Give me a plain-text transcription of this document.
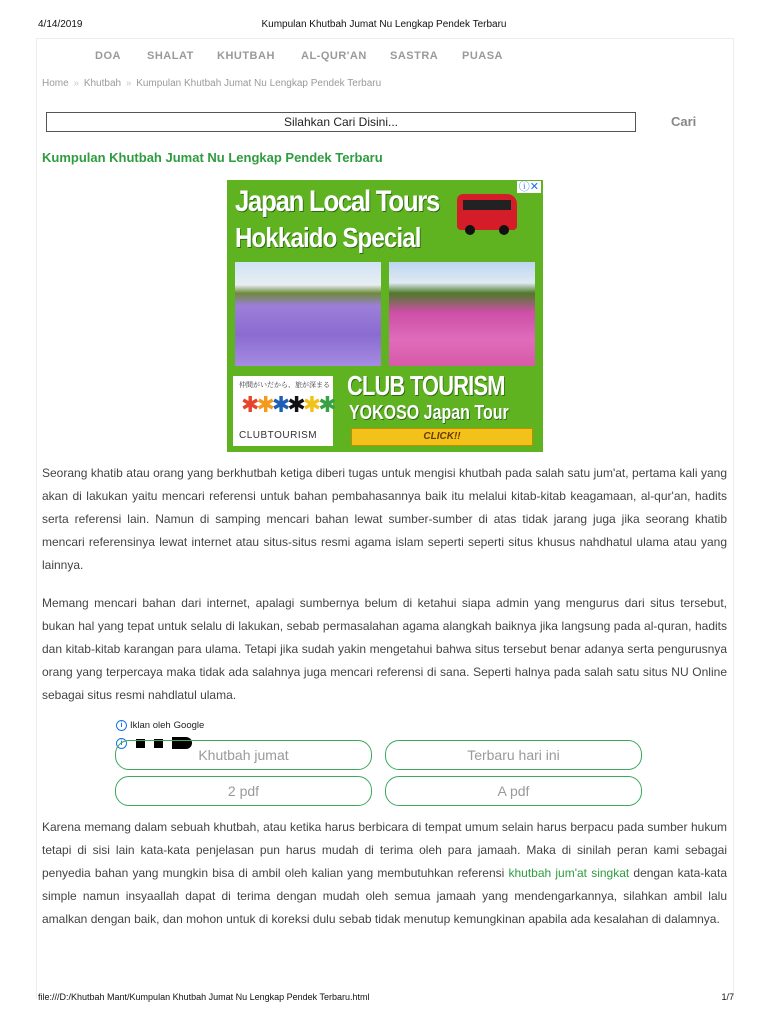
4/14/2019	Kumpulan Khutbah Jumat Nu Lengkap Pendek Terbaru
DOA	SHALAT	KHUTBAH	AL-QUR'AN	SASTRA	PUASA
Home » Khutbah » Kumpulan Khutbah Jumat Nu Lengkap Pendek Terbaru
Silahkan Cari Disini...	Cari
Kumpulan Khutbah Jumat Nu Lengkap Pendek Terbaru
Japan Local Tours
Hokkaido Special
ⓘ✕
仲間がいだから、旅が深まる
✱✱✱✱✱✱
CLUBTOURISM
CLUB TOURISM
YOKOSO Japan Tour
CLICK!!
Seorang khatib atau orang yang berkhutbah ketiga diberi tugas untuk mengisi khutbah pada salah satu jum'at, pertama kali yang akan di lakukan yaitu mencari referensi untuk bahan pembahasannya baik itu melalui kitab-kitab keagamaan, al-qur'an, hadits serta referensi lain. Namun di samping mencari bahan lewat sumber-sumber di atas tidak jarang juga jika seorang khatib mencari referensinya lewat internet atau situs-situs resmi agama islam seperti seperti situs khusus nahdhatul ulama atau yang lainnya.
Memang mencari bahan dari internet, apalagi sumbernya belum di ketahui siapa admin yang mengurus dari situs tersebut, bukan hal yang tepat untuk selalu di lakukan, sebab permasalahan agama alangkah baiknya jika langsung pada al-quran, hadits dan kitab-kitab karangan para ulama. Tetapi jika sudah yakin mengetahui bahwa situs tersebut benar adanya serta pengurusnya orang yang terpercaya maka tidak ada salahnya juga mencari referensi di sana. Seperti halnya pada salah satu situs NU Online sebagai situs resmi nahdlatul ulama.
i Iklan oleh Google
i
Khutbah jumat	Terbaru hari ini
2 pdf	A pdf
Karena memang dalam sebuah khutbah, atau ketika harus berbicara di tempat umum selain harus berpacu pada sumber hukum tetapi di sisi lain kata-kata penjelasan pun harus mudah di terima oleh para jamaah. Maka di sinilah peran kami sebagai penyedia bahan yang mungkin bisa di ambil oleh kalian yang membutuhkan referensi khutbah jum'at singkat dengan kata-kata simple namun insyaallah dapat di terima dengan mudah oleh semua jamaah yang mendengarkannya, silahkan ambil lalu amalkan dengan baik, dan mohon untuk di koreksi dulu sebab tidak menutup kemungkinan apabila ada kesalahan di dalamnya.
file:///D:/Khutbah Mant/Kumpulan Khutbah Jumat Nu Lengkap Pendek Terbaru.html	1/7
